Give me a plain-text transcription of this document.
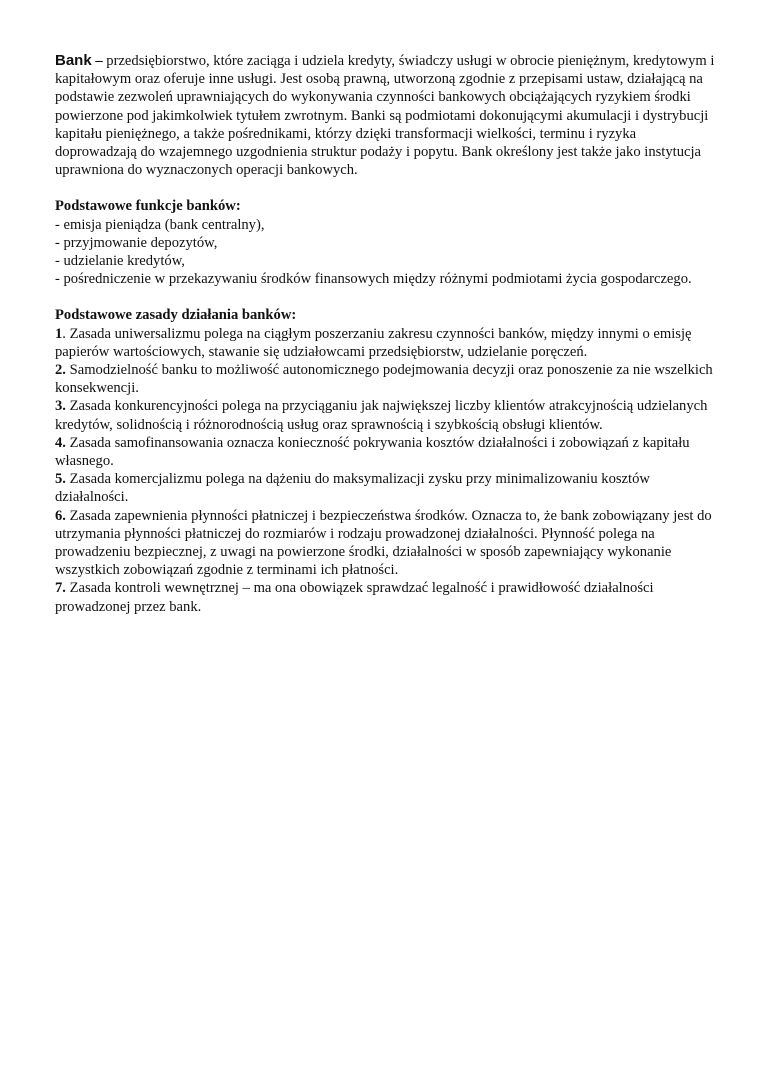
Bank – przedsiębiorstwo, które zaciąga i udziela kredyty, świadczy usługi w obrocie pieniężnym, kredytowym i kapitałowym oraz oferuje inne usługi. Jest osobą prawną, utworzoną zgodnie z przepisami ustaw, działającą na podstawie zezwoleń uprawniających do wykonywania czynności bankowych obciążających ryzykiem środki powierzone pod jakimkolwiek tytułem zwrotnym. Banki są podmiotami dokonującymi akumulacji i dystrybucji kapitału pieniężnego, a także pośrednikami, którzy dzięki transformacji wielkości, terminu i ryzyka doprowadzają do wzajemnego uzgodnienia struktur podaży i popytu. Bank określony jest także jako instytucja uprawniona do wyznaczonych operacji bankowych.

Podstawowe funkcje banków:

- emisja pieniądza (bank centralny),
- przyjmowanie depozytów,
- udzielanie kredytów,
- pośredniczenie w przekazywaniu środków finansowych między różnymi podmiotami życia gospodarczego.

Podstawowe zasady działania banków:

1. Zasada uniwersalizmu polega na ciągłym poszerzaniu zakresu czynności banków, między innymi o emisję papierów wartościowych, stawanie się udziałowcami przedsiębiorstw, udzielanie poręczeń.
2. Samodzielność banku to możliwość autonomicznego podejmowania decyzji oraz ponoszenie za nie wszelkich konsekwencji.
3. Zasada konkurencyjności polega na przyciąganiu jak największej liczby klientów atrakcyjnością udzielanych kredytów, solidnością i różnorodnością usług oraz sprawnością i szybkością obsługi klientów.
4. Zasada samofinansowania oznacza konieczność pokrywania kosztów działalności i zobowiązań z kapitału własnego.
5. Zasada komercjalizmu polega na dążeniu do maksymalizacji zysku przy minimalizowaniu kosztów działalności.
6. Zasada zapewnienia płynności płatniczej i bezpieczeństwa środków. Oznacza to, że bank zobowiązany jest do utrzymania płynności płatniczej do rozmiarów i rodzaju prowadzonej działalności. Płynność polega na prowadzeniu bezpiecznej, z uwagi na powierzone środki, działalności w sposób zapewniający wykonanie wszystkich zobowiązań zgodnie z terminami ich płatności.
7. Zasada kontroli wewnętrznej – ma ona obowiązek sprawdzać legalność i prawidłowość działalności prowadzonej przez bank.
